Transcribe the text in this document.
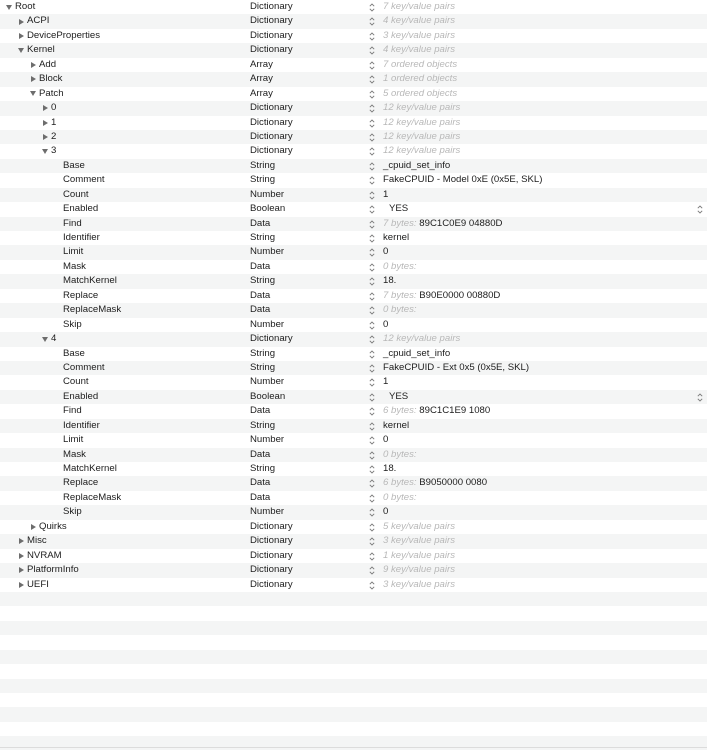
Root	Dictionary	7 key/value pairs
ACPI	Dictionary	4 key/value pairs
DeviceProperties	Dictionary	3 key/value pairs
Kernel	Dictionary	4 key/value pairs
Add	Array	7 ordered objects
Block	Array	1 ordered objects
Patch	Array	5 ordered objects
0	Dictionary	12 key/value pairs
1	Dictionary	12 key/value pairs
2	Dictionary	12 key/value pairs
3	Dictionary	12 key/value pairs
Base	String	_cpuid_set_info
Comment	String	FakeCPUID - Model 0xE (0x5E, SKL)
Count	Number	1
Enabled	Boolean	YES
Find	Data	7 bytes: 89C1C0E9 04880D
Identifier	String	kernel
Limit	Number	0
Mask	Data	0 bytes:
MatchKernel	String	18.
Replace	Data	7 bytes: B90E0000 00880D
ReplaceMask	Data	0 bytes:
Skip	Number	0
4	Dictionary	12 key/value pairs
Base	String	_cpuid_set_info
Comment	String	FakeCPUID - Ext 0x5 (0x5E, SKL)
Count	Number	1
Enabled	Boolean	YES
Find	Data	6 bytes: 89C1C1E9 1080
Identifier	String	kernel
Limit	Number	0
Mask	Data	0 bytes:
MatchKernel	String	18.
Replace	Data	6 bytes: B9050000 0080
ReplaceMask	Data	0 bytes:
Skip	Number	0
Quirks	Dictionary	5 key/value pairs
Misc	Dictionary	3 key/value pairs
NVRAM	Dictionary	1 key/value pairs
PlatformInfo	Dictionary	9 key/value pairs
UEFI	Dictionary	3 key/value pairs
